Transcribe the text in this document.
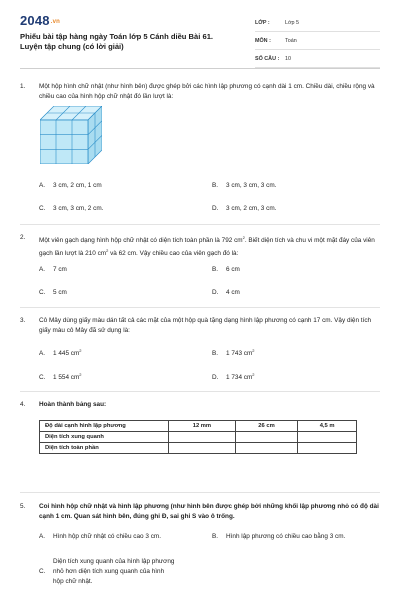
2048.vn
Phiếu bài tập hàng ngày Toán lớp 5 Cánh diều Bài 61.
Luyện tập chung (có lời giải)
LỚP :	Lớp 5
MÔN :	Toán
SỐ CÂU :	10
1.	Một hộp hình chữ nhật (như hình bên) được ghép bởi các hình lập phương có cạnh dài 1 cm. Chiều dài, chiều rộng và chiều cao của hình hộp chữ nhật đó lần lượt là:
A. 3 cm, 2 cm, 1 cm	B. 3 cm, 3 cm, 3 cm.
C. 3 cm, 3 cm, 2 cm.	D. 3 cm, 2 cm, 3 cm.
2.	Một viên gạch dạng hình hộp chữ nhật có diện tích toàn phần là 792 $cm^2$. Biết diện tích và chu vi một mặt đáy của viên gạch lần lượt là 210 $cm^2$ và 62 cm. Vậy chiều cao của viên gạch đó là:
A. 7 cm	B. 6 cm
C. 5 cm	D. 4 cm
3.	Cô Mây dùng giấy màu dán tất cả các mặt của một hộp quà tặng dạng hình lập phương có cạnh 17 cm. Vậy diện tích giấy màu cô Mây đã sử dụng là:
A. 1 445 $cm^2$	B. 1 743 $cm^2$
C. 1 554 $cm^2$	D. 1 734 $cm^2$
4.	Hoàn thành bảng sau:
Độ dài cạnh hình lập phương	12 mm	26 cm	4,5 m
Diện tích xung quanh			
Diện tích toàn phần			
5.	Coi hình hộp chữ nhật và hình lập phương (như hình bên được ghép bởi những khối lập phương nhỏ có độ dài cạnh 1 cm. Quan sát hình bên, đúng ghi Đ, sai ghi S vào ô trống.
A. Hình hộp chữ nhật có chiều cao 3 cm.	B. Hình lập phương có chiều cao bằng 3 cm.
C.
Diện tích xung quanh của hình lập phương
nhỏ hơn diện tích xung quanh của hình
hộp chữ nhật.
